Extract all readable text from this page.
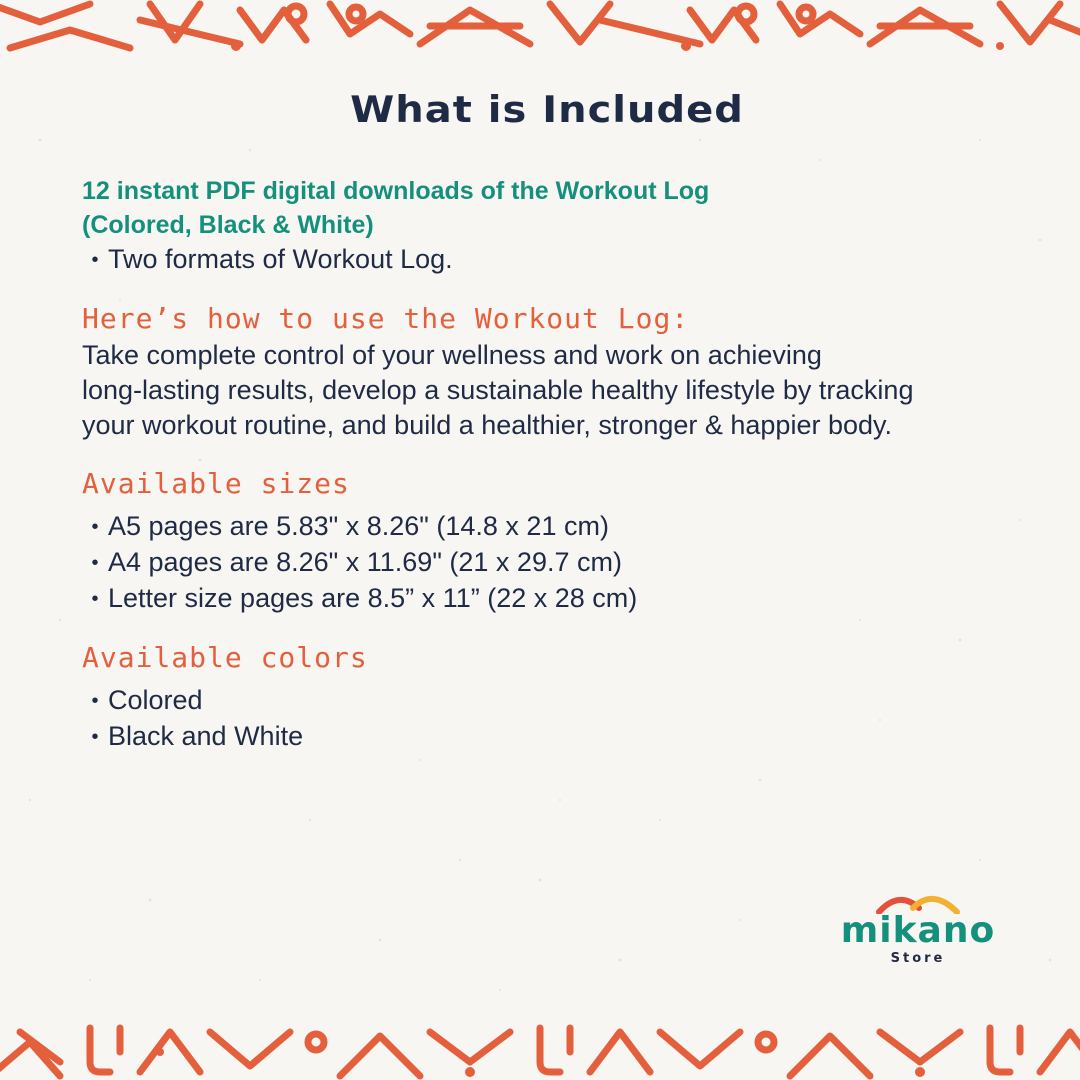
What is Included

12 instant PDF digital downloads of the Workout Log

(Colored, Black & White)

• Two formats of Workout Log.

Here’s how to use the Workout Log:

Take complete control of your wellness and work on achieving

long-lasting results, develop a sustainable healthy lifestyle by tracking

your workout routine, and build a healthier, stronger & happier body.

Available sizes

• A5 pages are 5.83" x 8.26" (14.8 x 21 cm)
• A4 pages are 8.26" x 11.69" (21 x 29.7 cm)
• Letter size pages are 8.5” x 11” (22 x 28 cm)

Available colors

• Colored
• Black and White
mikano
Store
